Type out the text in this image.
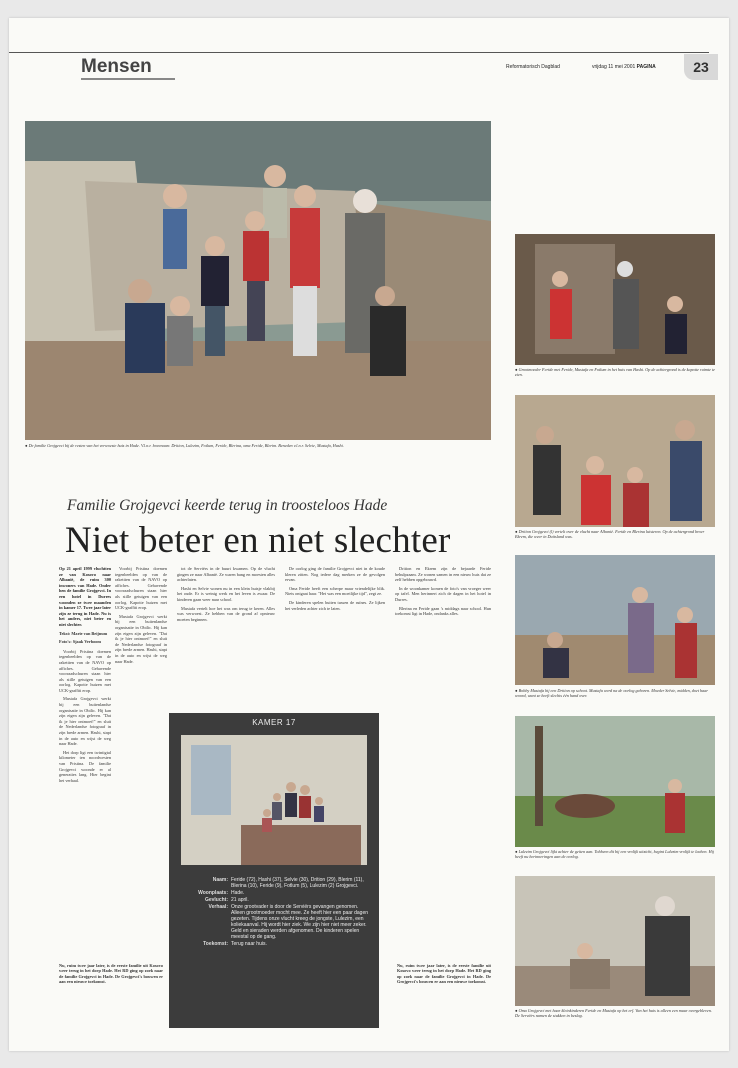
Mensen	Reformatorisch Dagblad	vrijdag 11 mei 2001 PAGINA	23
● De familie Grojgevci bij de resten van het verwoeste huis in Hade. V.l.n.r. bovenaan: Drition, Lulezim, Fotlum, Feride, Blerina, oma Feride, Blerim. Beneden v.l.n.r. Selvie, Mustafa, Hashi.
Familie Grojgevci keerde terug in troosteloos Hade
Niet beter en niet slechter

Op 21 april 1999 vluchtten ze van Kosovo naar Albanië, de ruim 300 inwoners van Hade. Onder hen de familie Grojgevci. In een hotel in Durres woonden ze twee maanden in kamer 17. Twee jaar later zijn ze terug in Hade. Nu is het anders, niet beter en niet slechter.

Tekst: Marie van Beijnum
Foto's: Sjaak Verboom

Voorbij Pristina doemen tegenbeelden op van de rakettten van de NAVO op affiches. Gehavende voorraadschuren staan hier als stille getuigen van een oorlog. Kapotte huizen met UCK-graffiti erop.

Mustafa Grojgevci werkt bij een buitenlandse organisatie in Obilic. Hij kan zijn eigen zijn geleven. "Dat ik je hier ontmoet!" en sluit de Nederlandse fotograaf in zijn brede armen. Hashi, stapt in de auto en wijst de weg naar Hade.

Het dorp ligt een twintigtal kilometer ten noordwesten van Pristina. De familie Grojgevci woonde er al generaties lang. Hier begint het verhaal.

Voorbij Pristina doemen tegenbeelden op van de rakettten van de NAVO op affiches. Gehavende voorraadschuren staan hier als stille getuigen van een oorlog. Kapotte huizen met UCK-graffiti erop.

Mustafa Grojgevci werkt bij een buitenlandse organisatie in Obilic. Hij kan zijn eigen zijn geleven. "Dat ik je hier ontmoet!" en sluit de Nederlandse fotograaf in zijn brede armen. Hashi, stapt in de auto en wijst de weg naar Hade.

tot de Serviërs in de buurt kwamen. Op de vlucht gingen ze naar Albanië. Ze waren bang en moesten alles achterlaten.

Hashi en Selvie wonen nu in een klein huisje vlakbij het oude. Er is weinig werk en het leven is zwaar. De kinderen gaan weer naar school.

Mustafa vertelt hoe het was om terug te keren. Alles was verwoest. Ze hebben van de grond af opnieuw moeten beginnen.

De oorlog ging de familie Grojgevci niet in de koude kleren zitten. Nog iedere dag merken ze de gevolgen ervan.

Oma Feride heeft een scherpe maar vriendelijke blik. Niets ontgaat haar. "Het was een moeilijke tijd", zegt ze.

De kinderen spelen buiten tussen de ruïnes. Ze lijken het verleden achter zich te laten.

Drition en Ekrem zijn de bejaarde Feride behulpzaam. Ze wonen samen in een nieuw huis dat ze zelf hebben opgebouwd.

In de woonkamer komen de foto's van vroeger weer op tafel. Men herinnert zich de dagen in het hotel in Durres.

Blerina en Feride gaan 's middags naar school. Hun toekomst ligt in Hade, ondanks alles.

KAMER 17
Naam: Feride (72), Hashi (37), Selvie (30), Drition (29), Blerim (11), Blerina (10), Feride (9), Fotlum (5), Lulezim (2) Grojgevci.
Woonplaats: Hade.
Gevlucht: 21 april.
Verhaal: Onze grootvader is door de Serviërs gevangen genomen. Alleen grootmoeder mocht mee. Ze heeft hier een paar dagen gezeten. Tijdens onze vlucht kreeg de jongste, Lulezim, een koliekaanval. Hij wordt hier ziek. We zijn hier niet meer zeker. Geld en sieraden werden afgenomen. De kinderen spelen meestal op de gang.
Toekomst: Terug naar huis.
Nu, ruim twee jaar later, is de eerste familie uit Kosovo weer terug in het dorp Hade. Het RD ging op zoek naar de familie Grojgevci in Hade. De Grojgevci's bouwen er aan een nieuwe toekomst.
Nu, ruim twee jaar later, is de eerste familie uit Kosovo weer terug in het dorp Hade. Het RD ging op zoek naar de familie Grojgevci in Hade. De Grojgevci's bouwen er aan een nieuwe toekomst.
● Grootmoeder Feride met Feride, Mustafa en Fotlum in het huis van Hashi. Op de achtergrond is de kapotte ruimte te zien.
● Drition Grojgevci (l) vertelt over de vlucht naar Albanië. Feride en Blerina luisteren. Op de achtergrond broer Ekrem, die weer in Duitsland was.
● Bobby Mustafa bij een Drition op schoot. Mustafa werd na de oorlog geboren. Moeder Selvie, midden, doet haar woord, want ze heeft slechts één hand over.
● Lulezim Grojgevci lijkt achter de geiten aan. Tobbeen dit bij een vrolijk uitzicht, begint Lulezim vrolijk te lachen. Hij heeft nu herinneringen aan de oorlog.
● Oma Grojgevci met haar kleinkinderen Feride en Mustafa op het erf. Van het huis is alleen een muur overgebleven. De Serviërs namen de stukken in beslag.
